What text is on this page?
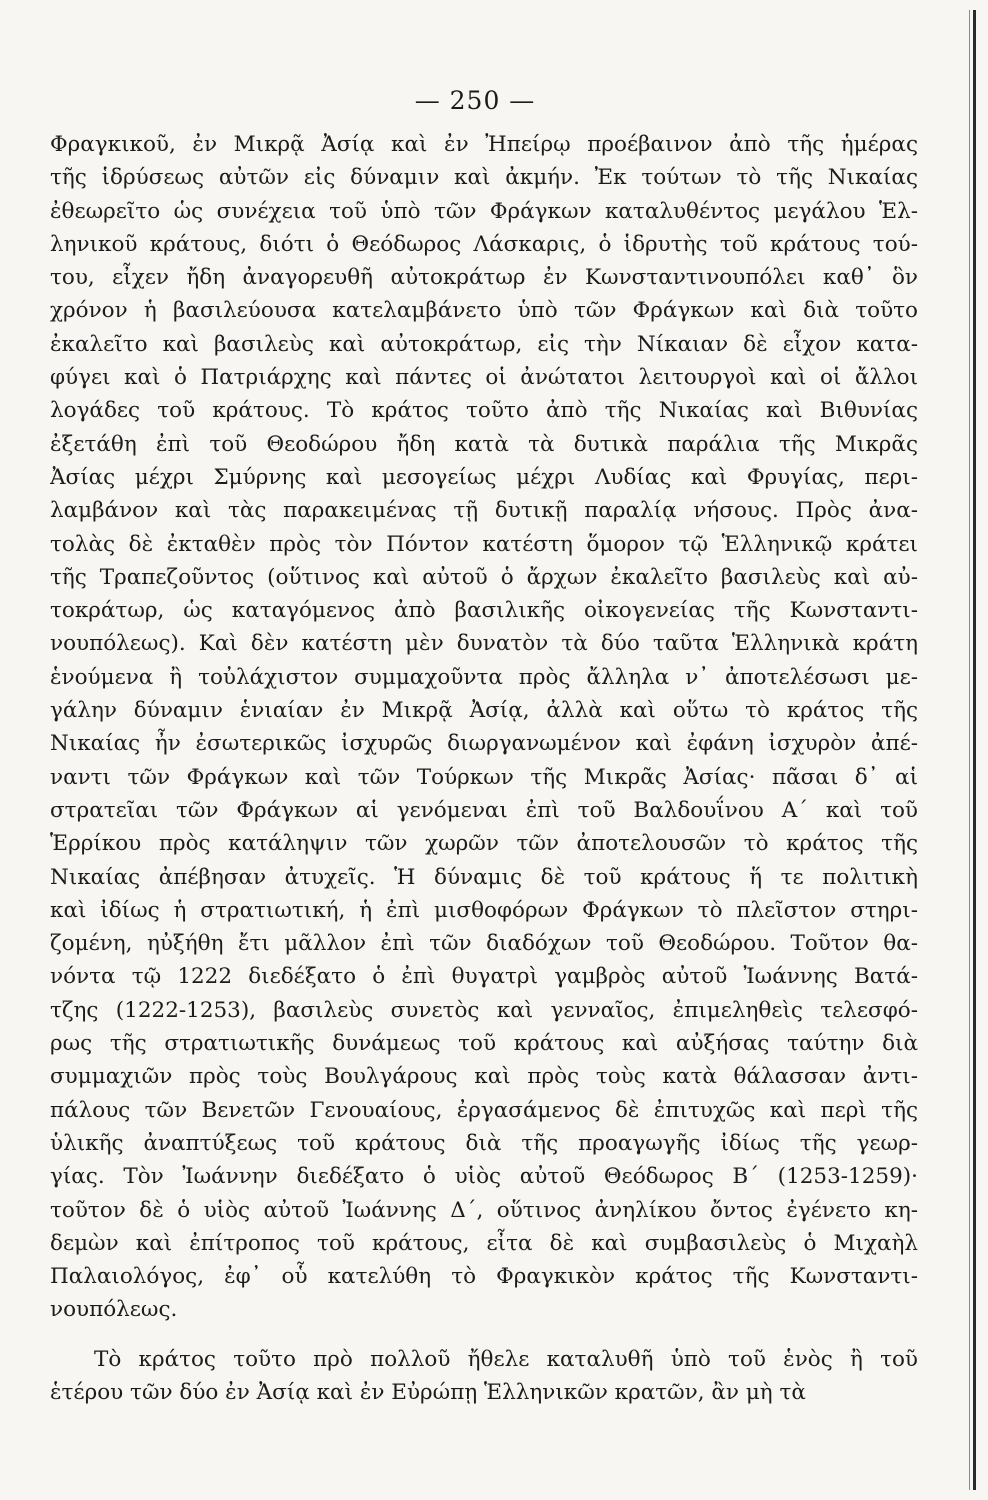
— 250 —
Φραγκικοῦ, ἐν Μικρᾷ Ἀσίᾳ καὶ ἐν Ἠπείρῳ προέβαινον ἀπὸ τῆς ἡμέρας
τῆς ἱδρύσεως αὐτῶν εἰς δύναμιν καὶ ἀκμήν. Ἐκ τούτων τὸ τῆς Νικαίας
ἐθεωρεῖτο ὡς συνέχεια τοῦ ὑπὸ τῶν Φράγκων καταλυθέντος μεγάλου Ἑλ-
ληνικοῦ κράτους, διότι ὁ Θεόδωρος Λάσκαρις, ὁ ἱδρυτὴς τοῦ κράτους τού-
του, εἶχεν ἤδη ἀναγορευθῆ αὐτοκράτωρ ἐν Κωνσταντινουπόλει καθ᾽ ὃν
χρόνον ἡ βασιλεύουσα κατελαμβάνετο ὑπὸ τῶν Φράγκων καὶ διὰ τοῦτο
ἐκαλεῖτο καὶ βασιλεὺς καὶ αὐτοκράτωρ, εἰς τὴν Νίκαιαν δὲ εἶχον κατα-
φύγει καὶ ὁ Πατριάρχης καὶ πάντες οἱ ἀνώτατοι λειτουργοὶ καὶ οἱ ἄλλοι
λογάδες τοῦ κράτους. Τὸ κράτος τοῦτο ἀπὸ τῆς Νικαίας καὶ Βιθυνίας
ἐξετάθη ἐπὶ τοῦ Θεοδώρου ἤδη κατὰ τὰ δυτικὰ παράλια τῆς Μικρᾶς
Ἀσίας μέχρι Σμύρνης καὶ μεσογείως μέχρι Λυδίας καὶ Φρυγίας, περι-
λαμβάνον καὶ τὰς παρακειμένας τῇ δυτικῇ παραλίᾳ νήσους. Πρὸς ἀνα-
τολὰς δὲ ἐκταθὲν πρὸς τὸν Πόντον κατέστη ὅμορον τῷ Ἑλληνικῷ κράτει
τῆς Τραπεζοῦντος (οὕτινος καὶ αὐτοῦ ὁ ἄρχων ἐκαλεῖτο βασιλεὺς καὶ αὐ-
τοκράτωρ, ὡς καταγόμενος ἀπὸ βασιλικῆς οἰκογενείας τῆς Κωνσταντι-
νουπόλεως). Καὶ δὲν κατέστη μὲν δυνατὸν τὰ δύο ταῦτα Ἑλληνικὰ κράτη
ἑνούμενα ἢ τοὐλάχιστον συμμαχοῦντα πρὸς ἄλληλα ν᾽ ἀποτελέσωσι με-
γάλην δύναμιν ἑνιαίαν ἐν Μικρᾷ Ἀσίᾳ, ἀλλὰ καὶ οὕτω τὸ κράτος τῆς
Νικαίας ἦν ἐσωτερικῶς ἰσχυρῶς διωργανωμένον καὶ ἐφάνη ἰσχυρὸν ἀπέ-
ναντι τῶν Φράγκων καὶ τῶν Τούρκων τῆς Μικρᾶς Ἀσίας· πᾶσαι δ᾽ αἱ
στρατεῖαι τῶν Φράγκων αἱ γενόμεναι ἐπὶ τοῦ Βαλδουΐνου Α΄ καὶ τοῦ
Ἑρρίκου πρὸς κατάληψιν τῶν χωρῶν τῶν ἀποτελουσῶν τὸ κράτος τῆς
Νικαίας ἀπέβησαν ἀτυχεῖς. Ἡ δύναμις δὲ τοῦ κράτους ἥ τε πολιτικὴ
καὶ ἰδίως ἡ στρατιωτική, ἡ ἐπὶ μισθοφόρων Φράγκων τὸ πλεῖστον στηρι-
ζομένη, ηὐξήθη ἔτι μᾶλλον ἐπὶ τῶν διαδόχων τοῦ Θεοδώρου. Τοῦτον θα-
νόντα τῷ 1222 διεδέξατο ὁ ἐπὶ θυγατρὶ γαμβρὸς αὐτοῦ Ἰωάννης Βατά-
τζης (1222-1253), βασιλεὺς συνετὸς καὶ γενναῖος, ἐπιμεληθεὶς τελεσφό-
ρως τῆς στρατιωτικῆς δυνάμεως τοῦ κράτους καὶ αὐξήσας ταύτην διὰ
συμμαχιῶν πρὸς τοὺς Βουλγάρους καὶ πρὸς τοὺς κατὰ θάλασσαν ἀντι-
πάλους τῶν Βενετῶν Γενουαίους, ἐργασάμενος δὲ ἐπιτυχῶς καὶ περὶ τῆς
ὑλικῆς ἀναπτύξεως τοῦ κράτους διὰ τῆς προαγωγῆς ἰδίως τῆς γεωρ-
γίας. Τὸν Ἰωάννην διεδέξατο ὁ υἱὸς αὐτοῦ Θεόδωρος Β΄ (1253-1259)·
τοῦτον δὲ ὁ υἱὸς αὐτοῦ Ἰωάννης Δ΄, οὕτινος ἀνηλίκου ὄντος ἐγένετο κη-
δεμὼν καὶ ἐπίτροπος τοῦ κράτους, εἶτα δὲ καὶ συμβασιλεὺς ὁ Μιχαὴλ
Παλαιολόγος, ἐφ᾽ οὗ κατελύθη τὸ Φραγκικὸν κράτος τῆς Κωνσταντι-
νουπόλεως.
Τὸ κράτος τοῦτο πρὸ πολλοῦ ἤθελε καταλυθῆ ὑπὸ τοῦ ἑνὸς ἢ τοῦ
ἑτέρου τῶν δύο ἐν Ἀσίᾳ καὶ ἐν Εὐρώπῃ Ἑλληνικῶν κρατῶν, ἂν μὴ τὰ
